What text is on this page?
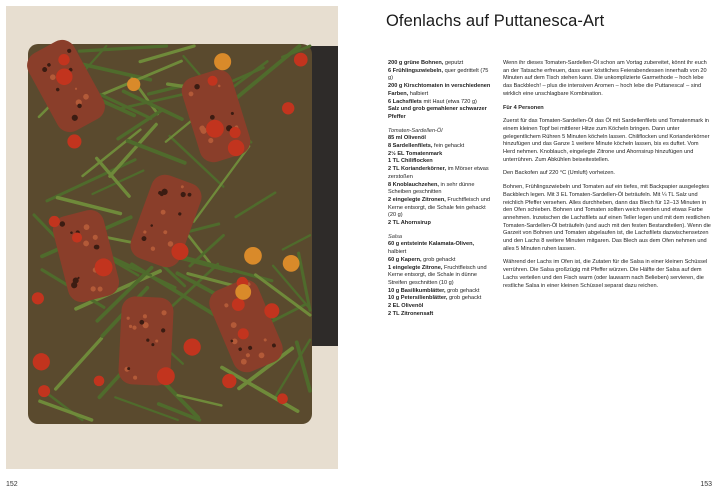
152
Ofenlachs auf Puttanesca-Art
200 g grüne Bohnen, geputzt
6 Frühlingszwiebeln, quer gedrittelt (75 g)
200 g Kirschtomaten in verschiedenen Farben, halbiert
6 Lachsfilets mit Haut (etwa 720 g)
Salz und grob gemahlener schwarzer Pfeffer
Tomaten-Sardellen-Öl
85 ml Olivenöl
8 Sardellenfilets, fein gehackt
2½ EL Tomatenmark
1 TL Chiliflocken
2 TL Korianderkörner, im Mörser etwas zerstoßen
8 Knoblauchzehen, in sehr dünne Scheiben geschnitten
2 eingelegte Zitronen, Fruchtfleisch und Kerne entsorgt, die Schale fein gehackt (20 g)
2 TL Ahornsirup
Salsa
60 g entsteinte Kalamata-Oliven, halbiert
60 g Kapern, grob gehackt
1 eingelegte Zitrone, Fruchtfleisch und Kerne entsorgt, die Schale in dünne Streifen geschnitten (10 g)
10 g Basilikumblätter, grob gehackt
10 g Petersilienblätter, grob gehackt
2 EL Olivenöl
2 TL Zitronensaft

Wenn ihr dieses Tomaten-Sardellen-Öl schon am Vortag zubereitet, könnt ihr euch an der Tatsache erfreuen, dass euer köstliches Feierabendessen innerhalb von 20 Minuten auf dem Tisch stehen kann. Die unkomplizierte Garmethode – hoch lebe das Backblech! – plus die intensiven Aromen – hoch lebe die Puttanesca! – sind wirklich eine unschlagbare Kombination.

Für 4 Personen

Zuerst für das Tomaten-Sardellen-Öl das Öl mit Sardellenfilets und Tomatenmark in einem kleinen Topf bei mittlerer Hitze zum Köcheln bringen. Dann unter gelegentlichem Rühren 5 Minuten köcheln lassen. Chiliflocken und Korianderkörner hinzufügen und das Ganze 1 weitere Minute köcheln lassen, bis es duftet. Vom Herd nehmen. Knoblauch, eingelegte Zitrone und Ahornsirup hinzufügen und unterrühren. Zum Abkühlen beiseitestellen.

Den Backofen auf 220 °C (Umluft) vorheizen.

Bohnen, Frühlingszwiebeln und Tomaten auf ein tiefes, mit Backpapier ausgelegtes Backblech legen. Mit 3 EL Tomaten-Sardellen-Öl beträufeln. Mit ¼ TL Salz und reichlich Pfeffer versehen. Alles durchheben, dann das Blech für 12–13 Minuten in den Ofen schieben. Bohnen und Tomaten sollten weich werden und etwas Farbe annehmen. Inzwischen die Lachsfilets auf einen Teller legen und mit dem restlichen Tomaten-Sardellen-Öl beträufeln (und auch mit den festen Bestandteilen). Wenn die Garzeit von Bohnen und Tomaten abgelaufen ist, die Lachsfilets dazwischensetzen und den Lachs 8 weitere Minuten mitgaren. Das Blech aus dem Ofen nehmen und alles 5 Minuten ruhen lassen.

Während der Lachs im Ofen ist, die Zutaten für die Salsa in einer kleinen Schüssel verrühren. Die Salsa großzügig mit Pfeffer würzen. Die Hälfte der Salsa auf dem Lachs verteilen und den Fisch warm (oder lauwarm nach Belieben) servieren, die restliche Salsa in einer kleinen Schüssel separat dazu reichen.

153
